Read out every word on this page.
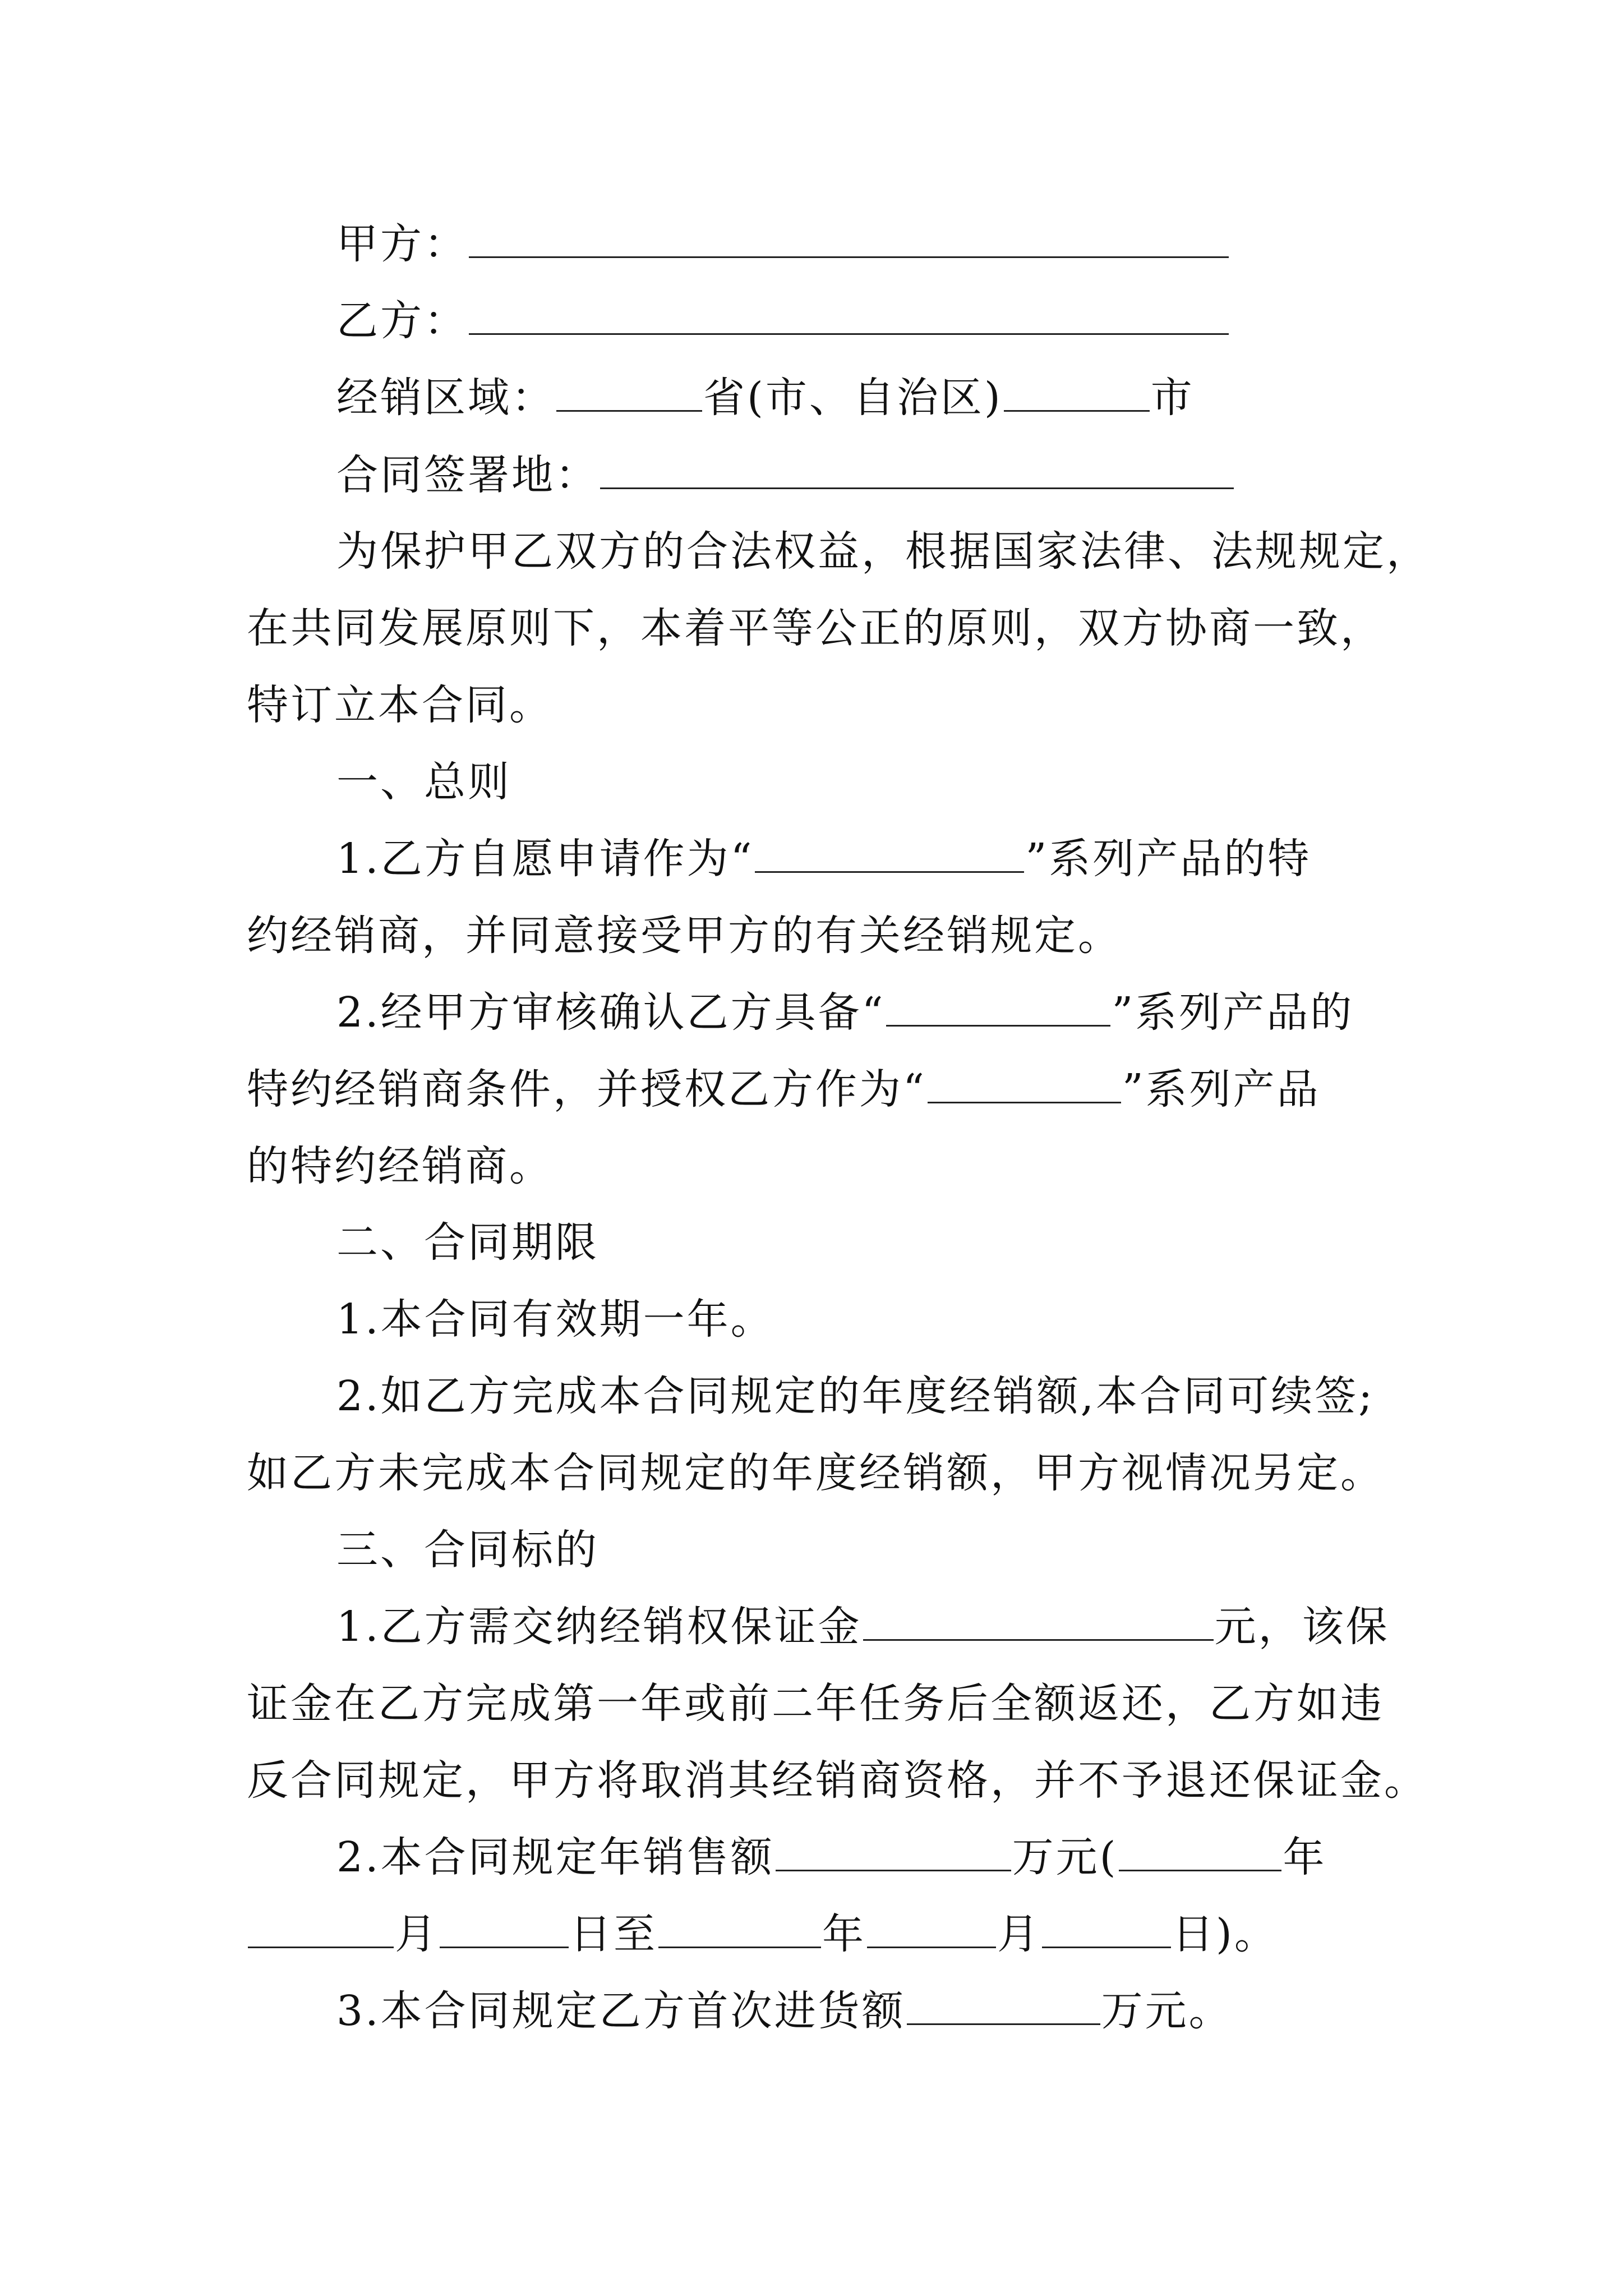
甲方：
乙方：
经销区域：	省(市、自治区)	市
合同签署地：
为保护甲乙双方的合法权益，根据国家法律、法规规定，
在共同发展原则下，本着平等公正的原则，双方协商一致，
特订立本合同。
一、总则
1.乙方自愿申请作为“	”系列产品的特
约经销商，并同意接受甲方的有关经销规定。
2.经甲方审核确认乙方具备“	”系列产品的
特约经销商条件，并授权乙方作为“	”系列产品
的特约经销商。
二、合同期限
1.本合同有效期一年。
2.如乙方完成本合同规定的年度经销额,本合同可续签;
如乙方未完成本合同规定的年度经销额，甲方视情况另定。
三、合同标的
1.乙方需交纳经销权保证金	元，该保
证金在乙方完成第一年或前二年任务后全额返还，乙方如违
反合同规定，甲方将取消其经销商资格，并不予退还保证金。
2.本合同规定年销售额	万元(	年
月	日至	年	月	日)。
3.本合同规定乙方首次进货额	万元。
